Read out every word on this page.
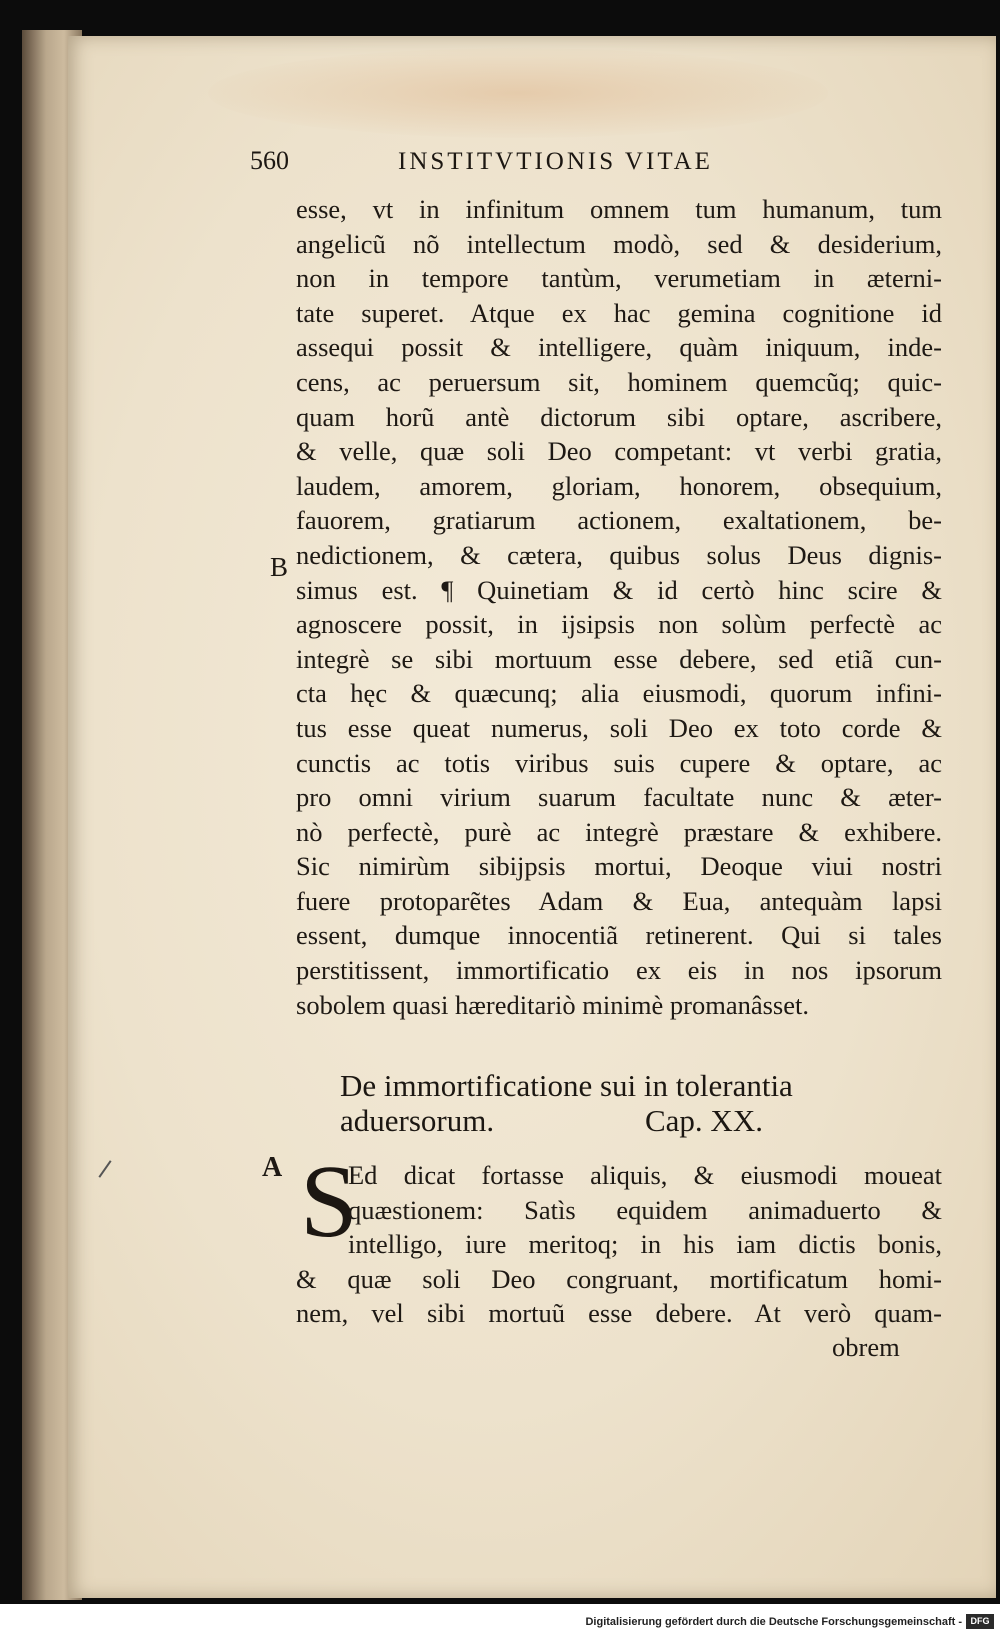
560	INSTITVTIONIS VITAE
B
esse, vt in infinitum omnem tum humanum, tum
angelicũ nõ intellectum modò, sed & desiderium,
non in tempore tantùm, verumetiam in æterni-
tate superet. Atque ex hac gemina cognitione id
assequi possit & intelligere, quàm iniquum, inde-
cens, ac peruersum sit, hominem quemcũq; quic-
quam horũ antè dictorum sibi optare, ascribere,
& velle, quæ soli Deo competant: vt verbi gratia,
laudem, amorem, gloriam, honorem, obsequium,
fauorem, gratiarum actionem, exaltationem, be-
nedictionem, & cætera, quibus solus Deus dignis-
simus est. ¶ Quinetiam & id certò hinc scire &
agnoscere possit, in ijsipsis non solùm perfectè ac
integrè se sibi mortuum esse debere, sed etiã cun-
cta hęc & quæcunq; alia eiusmodi, quorum infini-
tus esse queat numerus, soli Deo ex toto corde &
cunctis ac totis viribus suis cupere & optare, ac
pro omni virium suarum facultate nunc & æter-
nò perfectè, purè ac integrè præstare & exhibere.
Sic nimirùm sibijpsis mortui, Deoque viui nostri
fuere protoparẽtes Adam & Eua, antequàm lapsi
essent, dumque innocentiã retinerent. Qui si tales
perstitissent, immortificatio ex eis in nos ipsorum
sobolem quasi hæreditariò minimè promanâsset.
De immortificatione sui in tolerantia
aduersorum.	Cap. XX.
A S
Ed dicat fortasse aliquis, & eiusmodi moueat
quæstionem: Satìs equidem animaduerto &
intelligo, iure meritoq; in his iam dictis bonis,
& quæ soli Deo congruant, mortificatum homi-
nem, vel sibi mortuũ esse debere. At verò quam-
obrem
Digitalisierung gefördert durch die Deutsche Forschungsgemeinschaft - DFG
